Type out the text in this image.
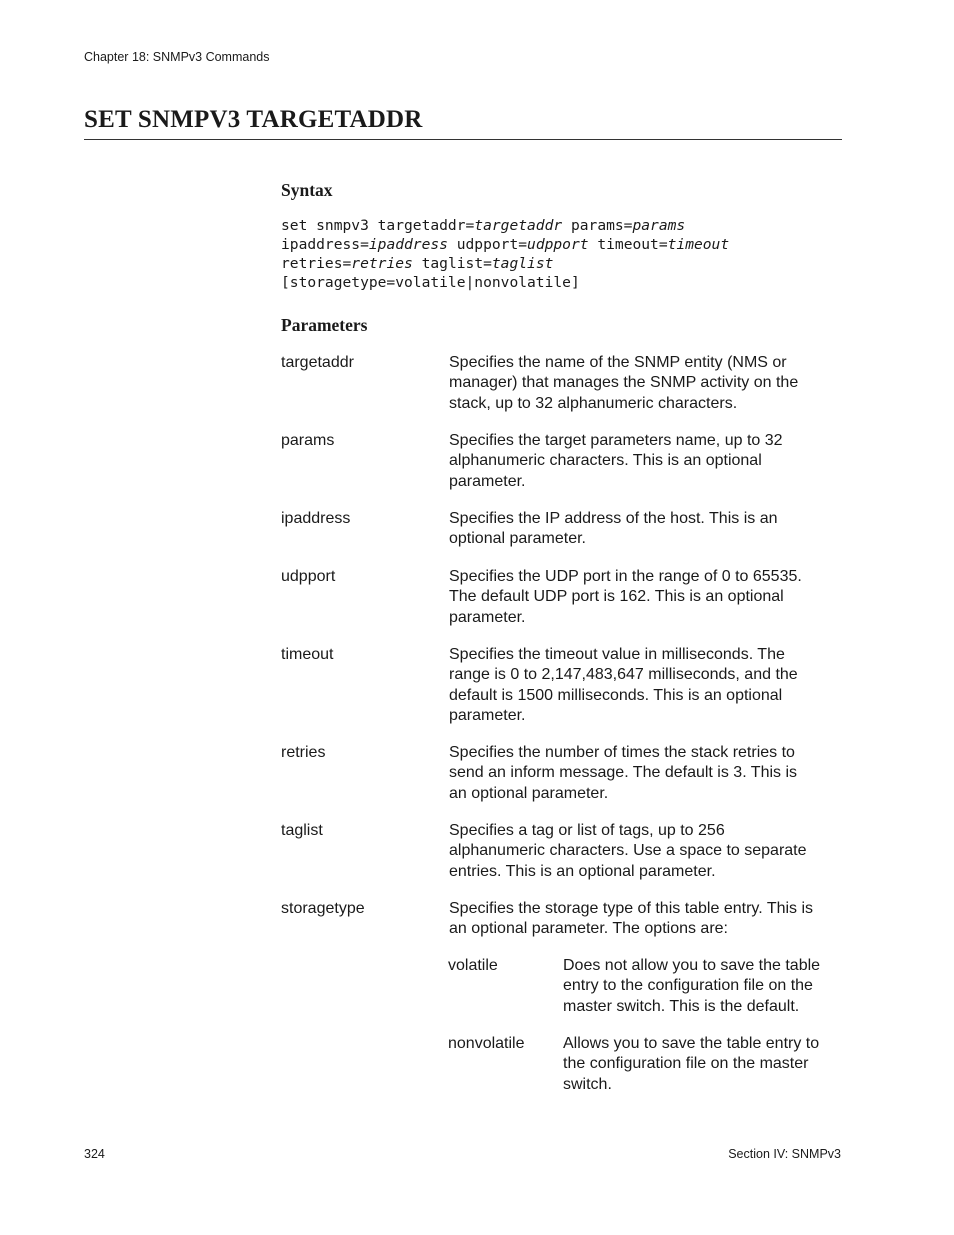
Chapter 18: SNMPv3 Commands
SET SNMPV3 TARGETADDR
Syntax
set snmpv3 targetaddr=targetaddr params=params
ipaddress=ipaddress udpport=udpport timeout=timeout
retries=retries taglist=taglist
[storagetype=volatile|nonvolatile]
Parameters
targetaddr	Specifies the name of the SNMP entity (NMS or
manager) that manages the SNMP activity on the
stack, up to 32 alphanumeric characters.
params	Specifies the target parameters name, up to 32
alphanumeric characters. This is an optional
parameter.
ipaddress	Specifies the IP address of the host. This is an
optional parameter.
udpport	Specifies the UDP port in the range of 0 to 65535.
The default UDP port is 162. This is an optional
parameter.
timeout	Specifies the timeout value in milliseconds. The
range is 0 to 2,147,483,647 milliseconds, and the
default is 1500 milliseconds. This is an optional
parameter.
retries	Specifies the number of times the stack retries to
send an inform message. The default is 3. This is
an optional parameter.
taglist	Specifies a tag or list of tags, up to 256
alphanumeric characters. Use a space to separate
entries. This is an optional parameter.
storagetype	Specifies the storage type of this table entry. This is
an optional parameter. The options are:
volatile	Does not allow you to save the table
entry to the configuration file on the
master switch. This is the default.
nonvolatile Allows you to save the table entry to
the configuration file on the master
switch.
324	Section IV: SNMPv3
